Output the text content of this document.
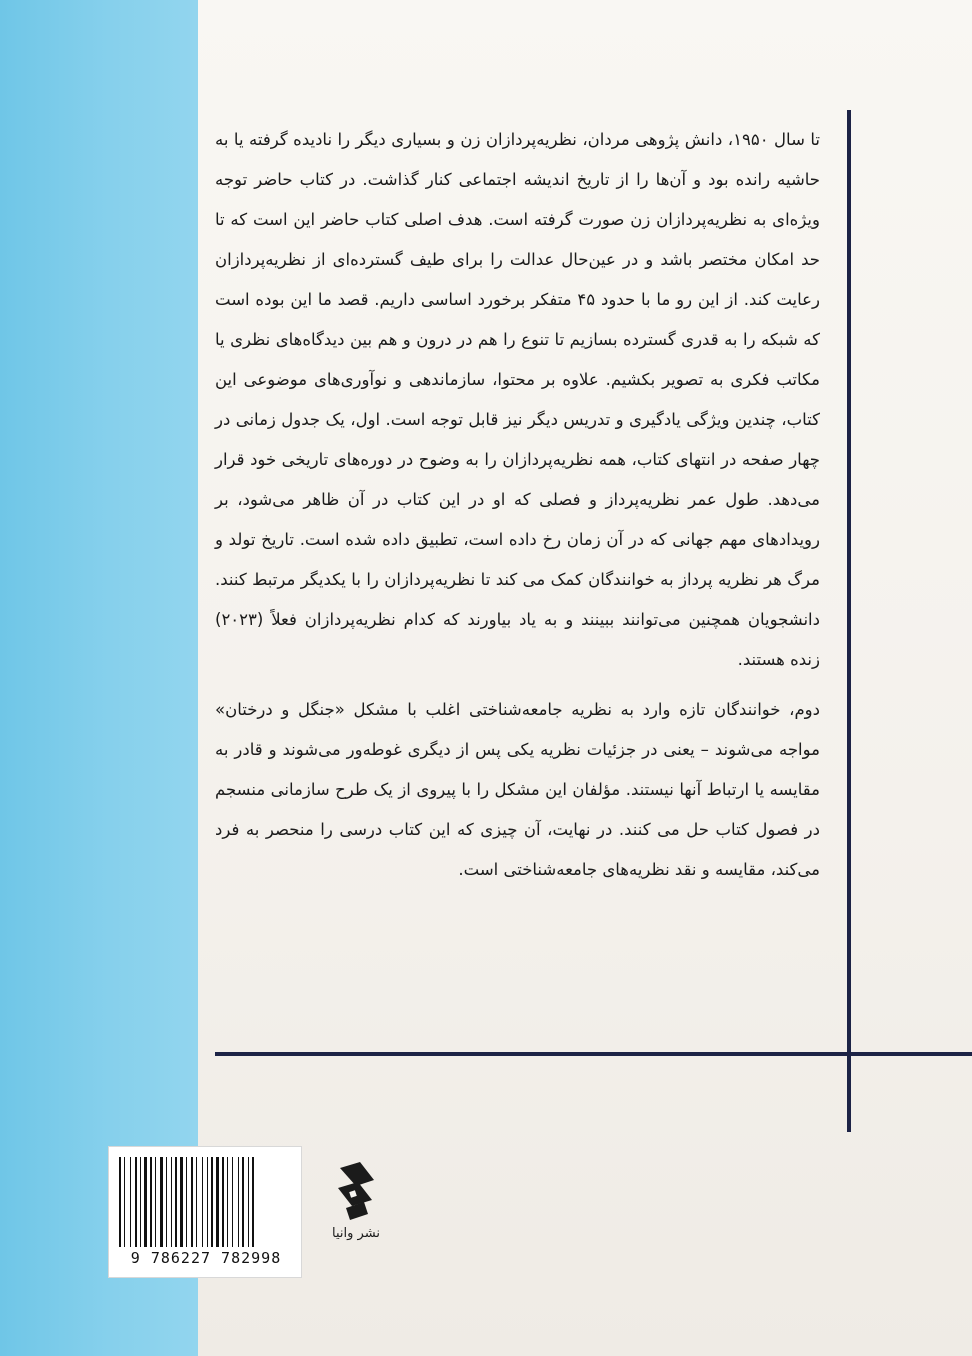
تا سال ۱۹۵۰، دانش پژوهی مردان، نظریه‌پردازان زن و بسیاری دیگر را نادیده گرفته یا به حاشیه رانده بود و آن‌ها را از تاریخ اندیشه اجتماعی کنار گذاشت. در کتاب حاضر توجه ویژه‌ای به نظریه‌پردازان زن صورت گرفته است. هدف اصلی کتاب حاضر این است که تا حد امکان مختصر باشد و در عین‌حال عدالت را برای طیف گسترده‌ای از نظریه‌پردازان رعایت کند. از این رو ما با حدود ۴۵ متفکر برخورد اساسی داریم. قصد ما این بوده است که شبکه را به قدری گسترده بسازیم تا تنوع را هم در درون و هم بین دیدگاه‌های نظری یا مکاتب فکری به تصویر بکشیم. علاوه بر محتوا، سازماندهی و نوآوری‌های موضوعی این کتاب، چندین ویژگی یادگیری و تدریس دیگر نیز قابل توجه است. اول، یک جدول زمانی در چهار صفحه در انتهای کتاب، همه نظریه‌پردازان را به وضوح در دوره‌های تاریخی خود قرار می‌دهد. طول عمر نظریه‌پرداز و فصلی که او در این کتاب در آن ظاهر می‌شود، بر رویدادهای مهم جهانی که در آن زمان رخ داده است، تطبیق داده شده است. تاریخ تولد و مرگ هر نظریه پرداز به خوانندگان کمک می کند تا نظریه‌پردازان را با یکدیگر مرتبط کنند. دانشجویان همچنین می‌توانند ببینند و به یاد بیاورند که کدام نظریه‌پردازان فعلاً (۲۰۲۳) زنده هستند.

دوم، خوانندگان تازه وارد به نظریه جامعه‌شناختی اغلب با مشکل «جنگل و درختان» مواجه می‌شوند – یعنی در جزئیات نظریه یکی پس از دیگری غوطه‌ور می‌شوند و قادر به مقایسه یا ارتباط آنها نیستند. مؤلفان این مشکل را با پیروی از یک طرح سازمانی منسجم در فصول کتاب حل می کنند. در نهایت، آن چیزی که این کتاب درسی را منحصر به فرد می‌کند، مقایسه و نقد نظریه‌های جامعه‌شناختی است.

9 786227 782998
نشر وانیا
